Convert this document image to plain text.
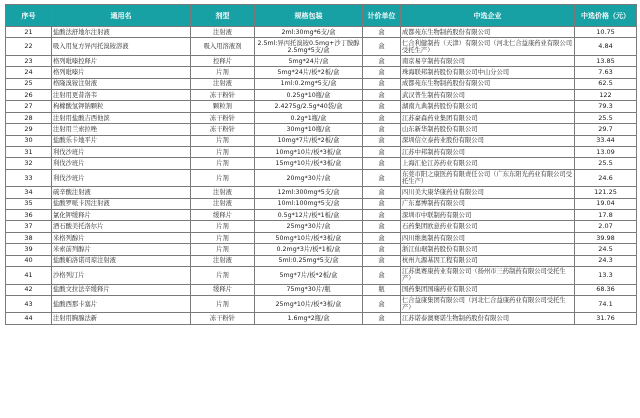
序号	通用名	剂型	规格包装	计价单位	中选企业	中选价格（元）
21	盐酸法舒地尔注射液	注射液	2ml:30mg*6支/盒	盒	成都苑东生物制药股份有限公司	10.75
22	吸入用复方异丙托溴铵溶液	吸入用溶液剂	2.5ml:异丙托溴铵0.5mg+沙丁胺醇2.5mg*5支/盒	盒	仁合利健制药（天津）有限公司（河北仁合益康药业有限公司受托生产）	4.84
23	格列吡嗪控释片	控释片	5mg*24片/盒	盒	南京易亨制药有限公司	13.85
24	格列吡嗪片	片剂	5mg*24片/板*2板/盒	盒	珠海联邦制药股份有限公司中山分公司	7.63
25	格隆溴铵注射液	注射液	1ml:0.2mg*5支/盒	盒	成都苑东生物制药股份有限公司	62.5
26	注射用更昔洛韦	冻干粉针	0.25g*10瓶/盒	盒	武汉普生制药有限公司	122
27	枸橼酸氢钾钠颗粒	颗粒剂	2.4275g/2.5g*40袋/盒	盒	湖南九典制药股份有限公司	79.3
28	注射用盐酸吉西他滨	冻干粉针	0.2g*1瓶/盒	盒	江苏豪森药业集团有限公司	25.5
29	注射用兰索拉唑	冻干粉针	30mg*10瓶/盒	盒	山东新华制药股份有限公司	29.7
30	盐酸乐卡地平片	片剂	10mg*7片/板*2板/盒	盒	深圳信立泰药业股份有限公司	33.44
31	利伐沙班片	片剂	10mg*10片/板*3板/盒	盒	江苏中邦制药有限公司	13.09
32	利伐沙班片	片剂	15mg*10片/板*3板/盒	盒	上海汇伦江苏药业有限公司	25.5
33	利伐沙班片	片剂	20mg*30片/盒	盒	东莞市阳之康医药有限责任公司（广东东阳光药业有限公司受托生产）	24.6
34	硫辛酸注射液	注射液	12ml:300mg*5支/盒	盒	四川美大康华康药业有限公司	121.25
35	盐酸罗哌卡因注射液	注射液	10ml:100mg*5支/盒	盒	广东嘉博制药有限公司	19.04
36	氯化钾缓释片	缓释片	0.5g*12片/板*1板/盒	盒	深圳市中联制药有限公司	17.8
37	酒石酸美托洛尔片	片剂	25mg*30片/盒	盒	石药集团欧意药业有限公司	2.07
38	米格列醇片	片剂	50mg*10片/板*3板/盒	盒	四川维奥制药有限公司	39.98
39	米索前列醇片	片剂	0.2mg*3片/板*1板/盒	盒	浙江仙琚制药股份有限公司	24.5
40	盐酸帕洛诺司琼注射液	注射液	5ml:0.25mg*5支/盒	盒	杭州九源基因工程有限公司	24.3
41	沙格列汀片	片剂	5mg*7片/板*2板/盒	盒	江苏奥赛康药业有限公司（扬州市三药制药有限公司受托生产）	13.3
42	盐酸文拉法辛缓释片	缓释片	75mg*30片/瓶	瓶	国药集团国瑞药业有限公司	68.36
43	盐酸西那卡塞片	片剂	25mg*10片/板*3板/盒	盒	仁合益康集团有限公司（河北仁合益康药业有限公司受托生产）	74.1
44	注射用胸腺法新	冻干粉针	1.6mg*2瓶/盒	盒	江苏诺泰澳赛诺生物制药股份有限公司	31.76
